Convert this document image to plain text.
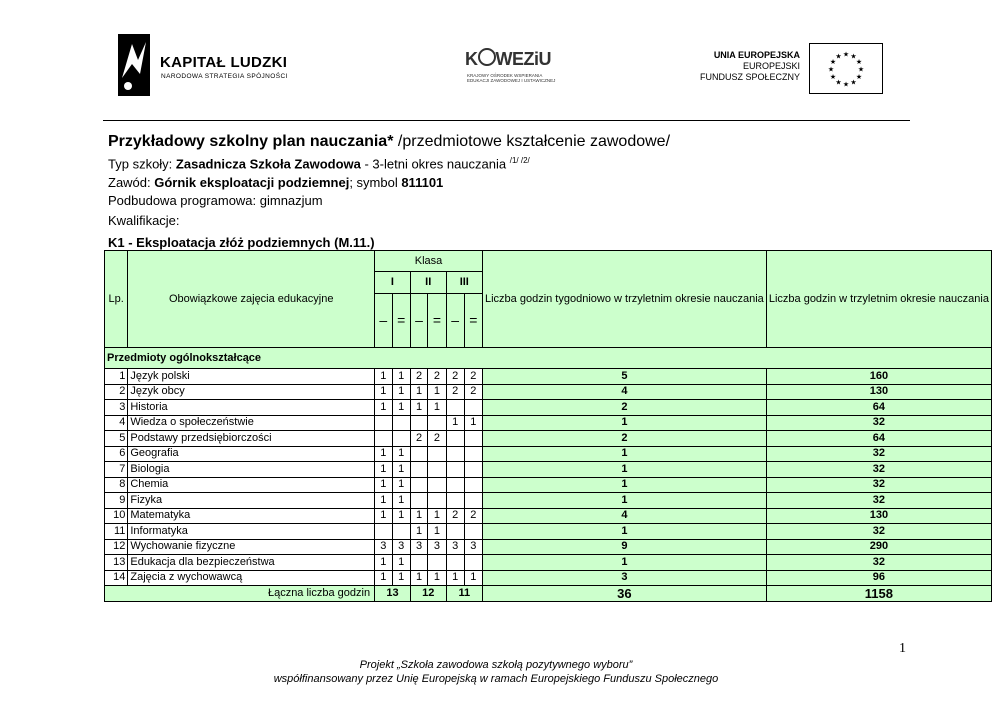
KAPITAŁ LUDZKI
NARODOWA STRATEGIA SPÓJNOŚCI
K WEZiU
KRAJOWY OŚRODEK WSPIERANIA
EDUKACJI ZAWODOWEJ I USTAWICZNEJ
UNIA EUROPEJSKA
EUROPEJSKI
FUNDUSZ SPOŁECZNY
★
★
★
★
★
★
★
★
★ ★ ★
★
Przykładowy szkolny plan nauczania* /przedmiotowe kształcenie zawodowe/
Typ szkoły: Zasadnicza Szkoła Zawodowa - 3-letni okres nauczania $^{/1/ /2/}$
Zawód: Górnik eksploatacji podziemnej; symbol 811101
Podbudowa programowa: gimnazjum
Kwalifikacje:
K1 - Eksploatacja złóż podziemnych (M.11.)
Lp.	Obowiązkowe zajęcia edukacyjne	Klasa						Liczba godzin tygodniowo w trzyletnim okresie nauczania	Liczba godzin w trzyletnim okresie nauczania
		I		II		III			
		–	=	–	=	–	=		
Przedmioty ogólnokształcące									
1	Język polski	1	1	2	2	2	2	5	160
2	Język obcy	1	1	1	1	2	2	4	130
3	Historia	1	1	1	1			2	64
4	Wiedza o społeczeństwie					1	1	1	32
5	Podstawy przedsiębiorczości			2	2			2	64
6	Geografia	1	1					1	32
7	Biologia	1	1					1	32
8	Chemia	1	1					1	32
9	Fizyka	1	1					1	32
10	Matematyka	1	1	1	1	2	2	4	130
11	Informatyka			1	1			1	32
12	Wychowanie fizyczne	3	3	3	3	3	3	9	290
13	Edukacja dla bezpieczeństwa	1	1					1	32
14	Zajęcia z wychowawcą	1	1	1	1	1	1	3	96
Łączna liczba godzin		13		12		11		36	1158
1
Projekt „Szkoła zawodowa szkołą pozytywnego wyboru”
współfinansowany przez Unię Europejską w ramach Europejskiego Funduszu Społecznego
